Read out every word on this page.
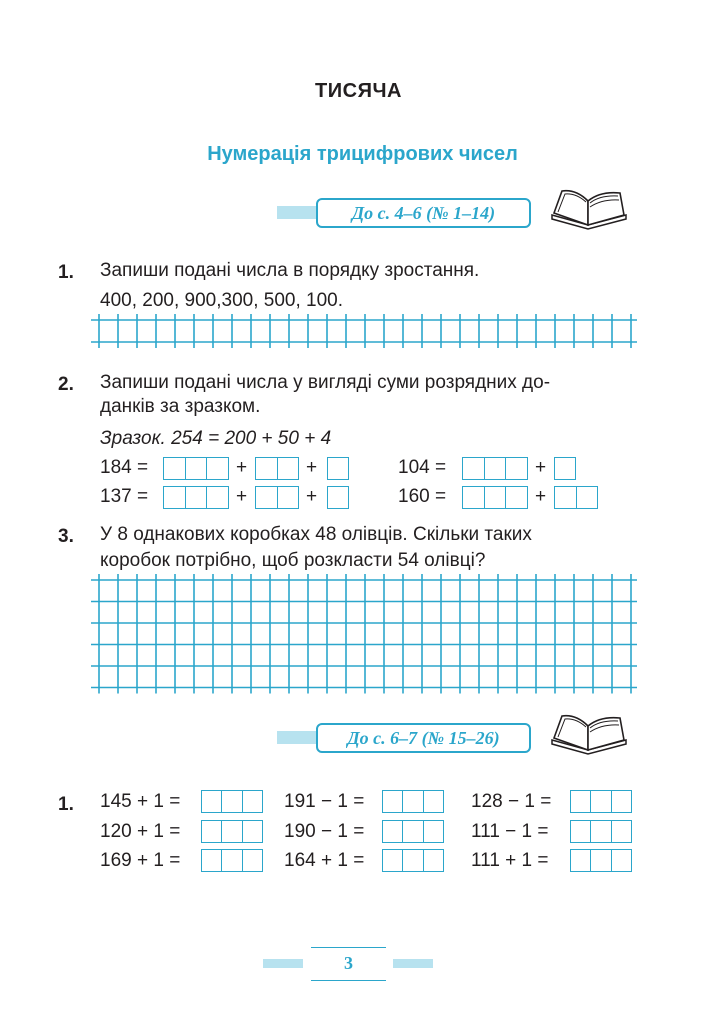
ТИСЯЧА
Нумерація трицифрових чисел
До с. 4–6 (№ 1–14)
1. Запиши подані числа в порядку зростання.
400, 200, 900,300, 500, 100.
2. Запиши подані числа у вигляді суми розрядних до-
данків за зразком.
Зразок. 254 = 200 + 50 + 4
184 =	+	+	104 =	+
137 =	+	+	160 =	+
3. У 8 однакових коробках 48 олівців. Скільки таких
коробок потрібно, щоб розкласти 54 олівці?
До с. 6–7 (№ 15–26)
1. 145 + 1 =	191 − 1 =	128 − 1 =
120 + 1 =	190 − 1 =	111 − 1 =
169 + 1 =	164 + 1 =	111 + 1 =
3
